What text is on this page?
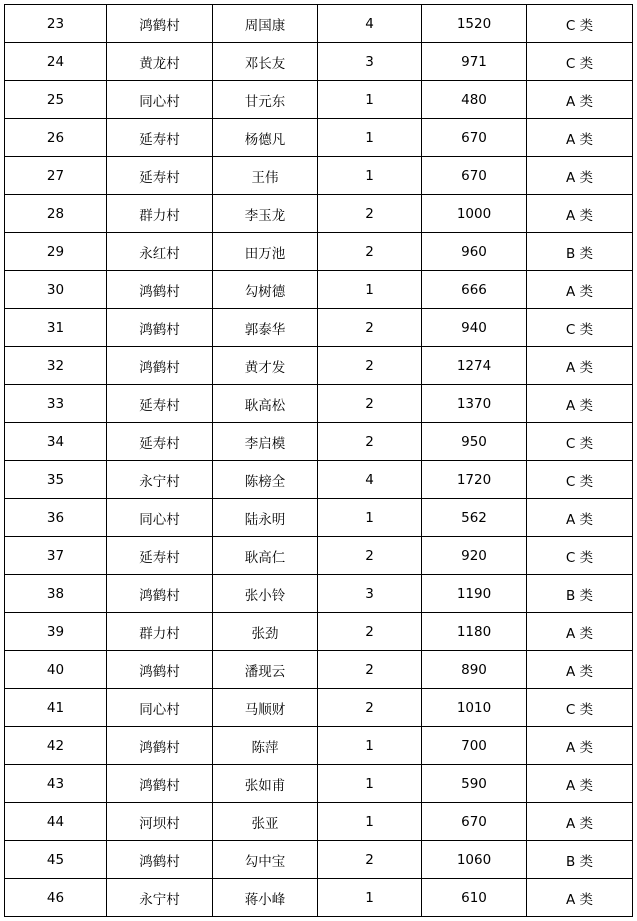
23	鸿鹤村	周国康	4	1520	C 类
24	黄龙村	邓长友	3	971	C 类
25	同心村	甘元东	1	480	A 类
26	延寿村	杨德凡	1	670	A 类
27	延寿村	王伟	1	670	A 类
28	群力村	李玉龙	2	1000	A 类
29	永红村	田万池	2	960	B 类
30	鸿鹤村	勾树德	1	666	A 类
31	鸿鹤村	郭泰华	2	940	C 类
32	鸿鹤村	黄才发	2	1274	A 类
33	延寿村	耿高松	2	1370	A 类
34	延寿村	李启模	2	950	C 类
35	永宁村	陈榜全	4	1720	C 类
36	同心村	陆永明	1	562	A 类
37	延寿村	耿高仁	2	920	C 类
38	鸿鹤村	张小铃	3	1190	B 类
39	群力村	张劲	2	1180	A 类
40	鸿鹤村	潘现云	2	890	A 类
41	同心村	马顺财	2	1010	C 类
42	鸿鹤村	陈萍	1	700	A 类
43	鸿鹤村	张如甫	1	590	A 类
44	河坝村	张亚	1	670	A 类
45	鸿鹤村	勾中宝	2	1060	B 类
46	永宁村	蒋小峰	1	610	A 类
